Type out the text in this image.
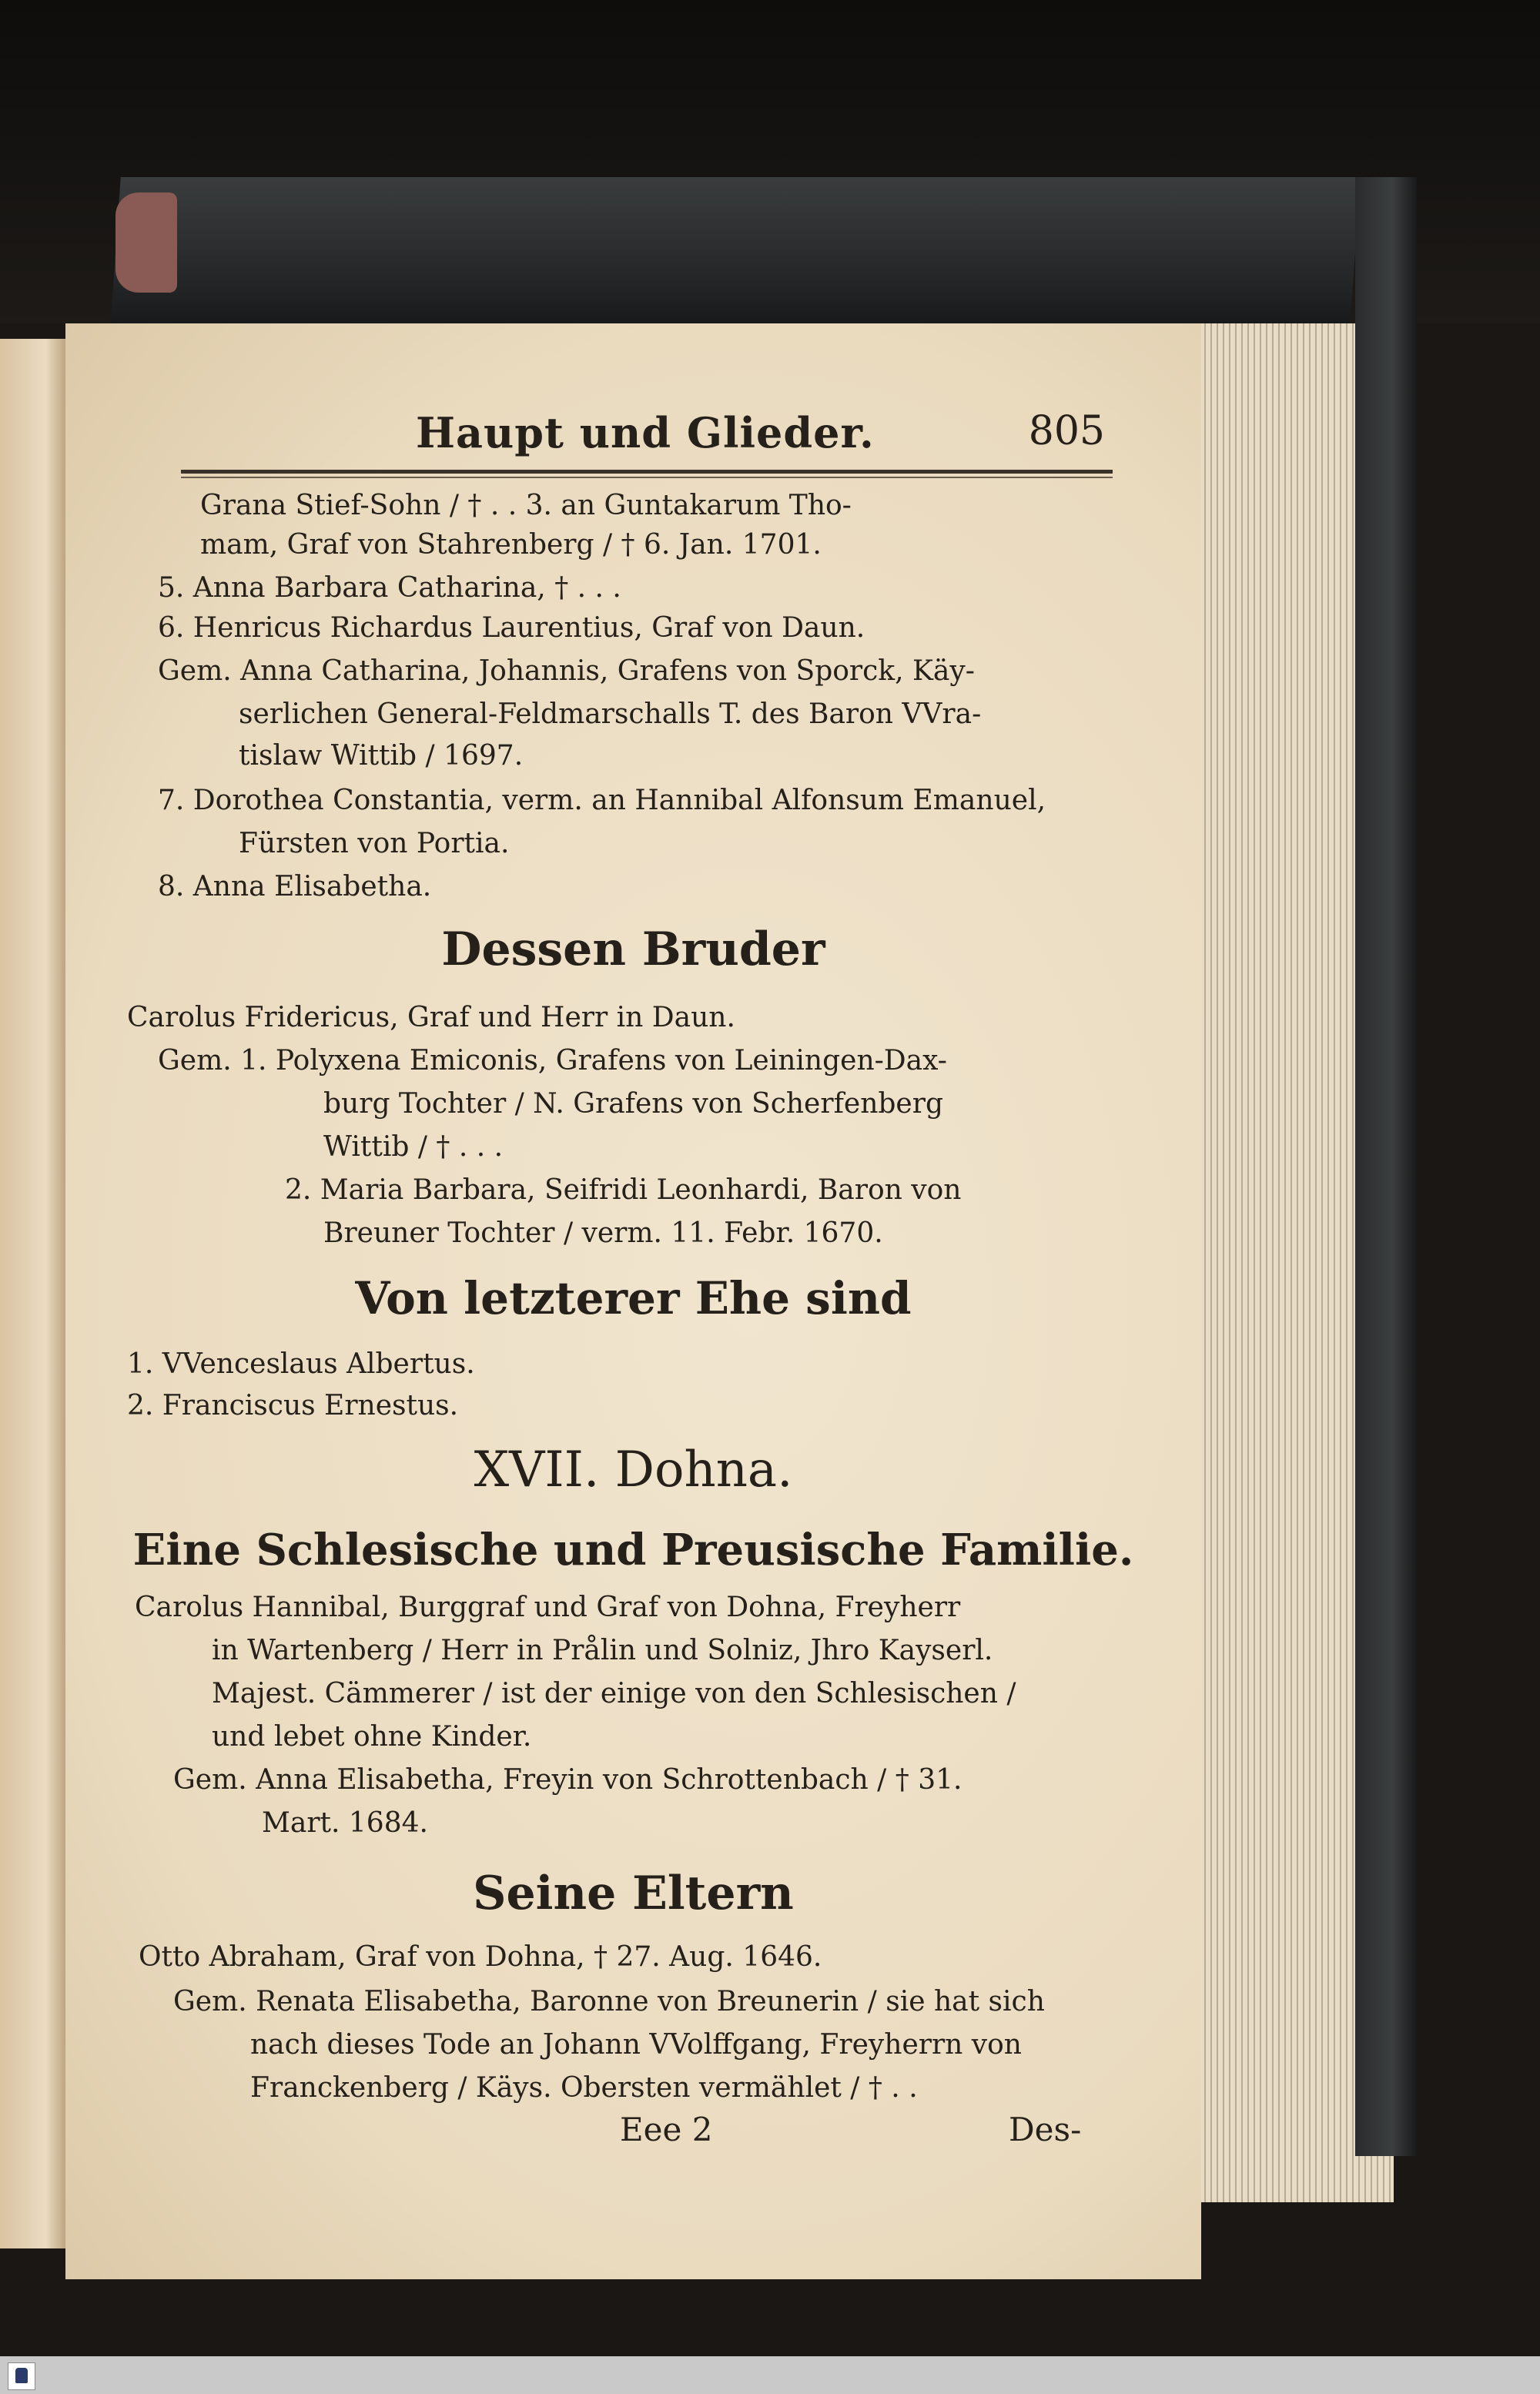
Haupt und Glieder.	805
Grana Stief-Sohn / † . . 3. an Guntakarum Tho-
mam, Graf von Stahrenberg / † 6. Jan. 1701.
5. Anna Barbara Catharina, † . . .
6. Henricus Richardus Laurentius, Graf von Daun.
Gem. Anna Catharina, Johannis, Grafens von Sporck, Käy-
serlichen General-Feldmarschalls T. des Baron VVra-
tislaw Wittib / 1697.
7. Dorothea Constantia, verm. an Hannibal Alfonsum Emanuel,
Fürsten von Portia.
8. Anna Elisabetha.
Dessen Bruder
Carolus Fridericus, Graf und Herr in Daun.
Gem. 1. Polyxena Emiconis, Grafens von Leiningen-Dax-
burg Tochter / N. Grafens von Scherfenberg
Wittib / † . . .
2. Maria Barbara, Seifridi Leonhardi, Baron von
Breuner Tochter / verm. 11. Febr. 1670.
Von letzterer Ehe sind
1. VVenceslaus Albertus.
2. Franciscus Ernestus.
XVII. Dohna.
Eine Schlesische und Preusische Familie.
Carolus Hannibal, Burggraf und Graf von Dohna, Freyherr
in Wartenberg / Herr in Prålin und Solniz, Jhro Kayserl.
Majest. Cämmerer / ist der einige von den Schlesischen /
und lebet ohne Kinder.
Gem. Anna Elisabetha, Freyin von Schrottenbach / † 31.
Mart. 1684.
Seine Eltern
Otto Abraham, Graf von Dohna, † 27. Aug. 1646.
Gem. Renata Elisabetha, Baronne von Breunerin / sie hat sich
nach dieses Tode an Johann VVolffgang, Freyherrn von
Franckenberg / Käys. Obersten vermählet / † . .
Eee 2	Des-
